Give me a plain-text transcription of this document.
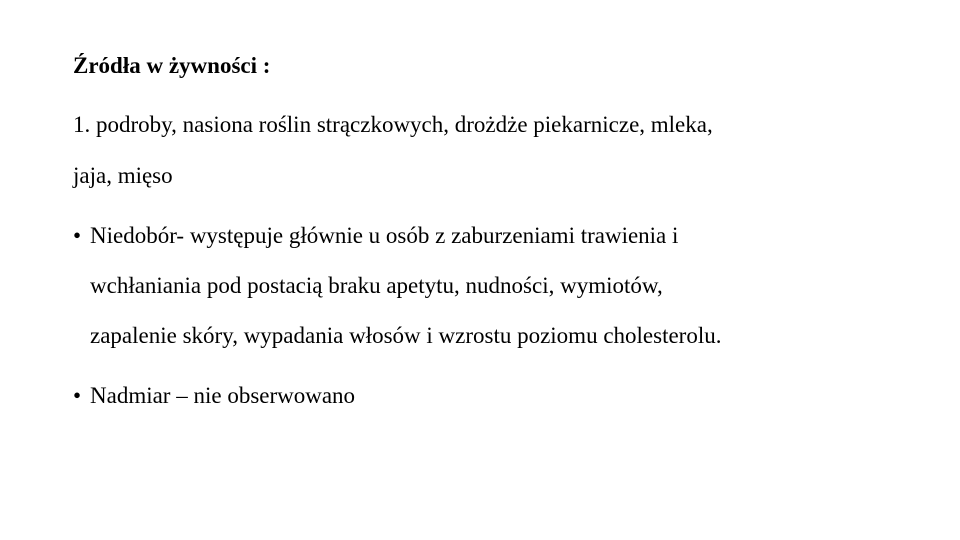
Źródła w żywności :
1. podroby, nasiona roślin strączkowych, drożdże piekarnicze, mleka,
jaja, mięso
• Niedobór- występuje głównie u osób z zaburzeniami trawienia i
wchłaniania pod postacią braku apetytu, nudności, wymiotów,
zapalenie skóry, wypadania włosów i wzrostu poziomu cholesterolu.
• Nadmiar – nie obserwowano
